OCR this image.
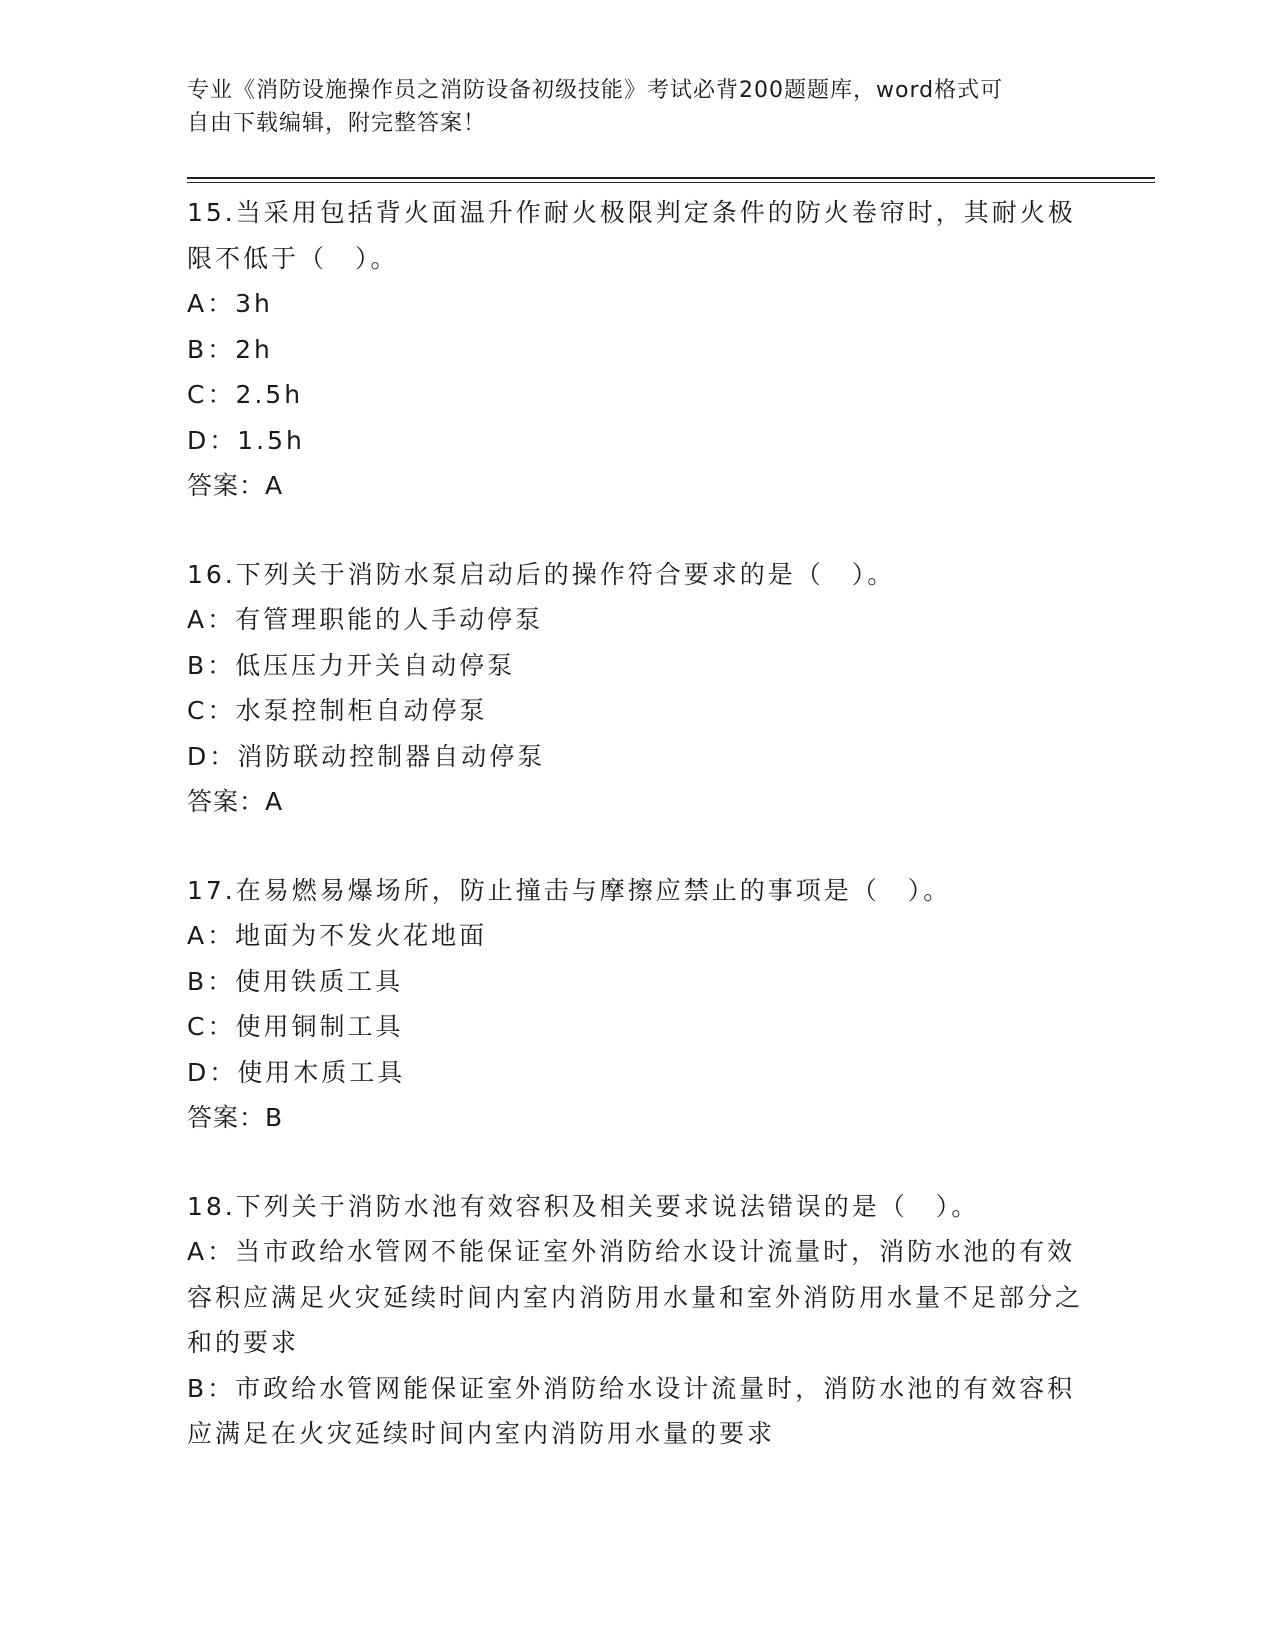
专业《消防设施操作员之消防设备初级技能》考试必背200题题库，word格式可
自由下载编辑，附完整答案！
15.当采用包括背火面温升作耐火极限判定条件的防火卷帘时，其耐火极限不低于（　）。
A：3h
B：2h
C：2.5h
D：1.5h
答案：A
16.下列关于消防水泵启动后的操作符合要求的是（　）。
A：有管理职能的人手动停泵
B：低压压力开关自动停泵
C：水泵控制柜自动停泵
D：消防联动控制器自动停泵
答案：A
17.在易燃易爆场所，防止撞击与摩擦应禁止的事项是（　）。
A：地面为不发火花地面
B：使用铁质工具
C：使用铜制工具
D：使用木质工具
答案：B
18.下列关于消防水池有效容积及相关要求说法错误的是（　）。
A：当市政给水管网不能保证室外消防给水设计流量时，消防水池的有效容积应满足火灾延续时间内室内消防用水量和室外消防用水量不足部分之和的要求
B：市政给水管网能保证室外消防给水设计流量时，消防水池的有效容积应满足在火灾延续时间内室内消防用水量的要求
